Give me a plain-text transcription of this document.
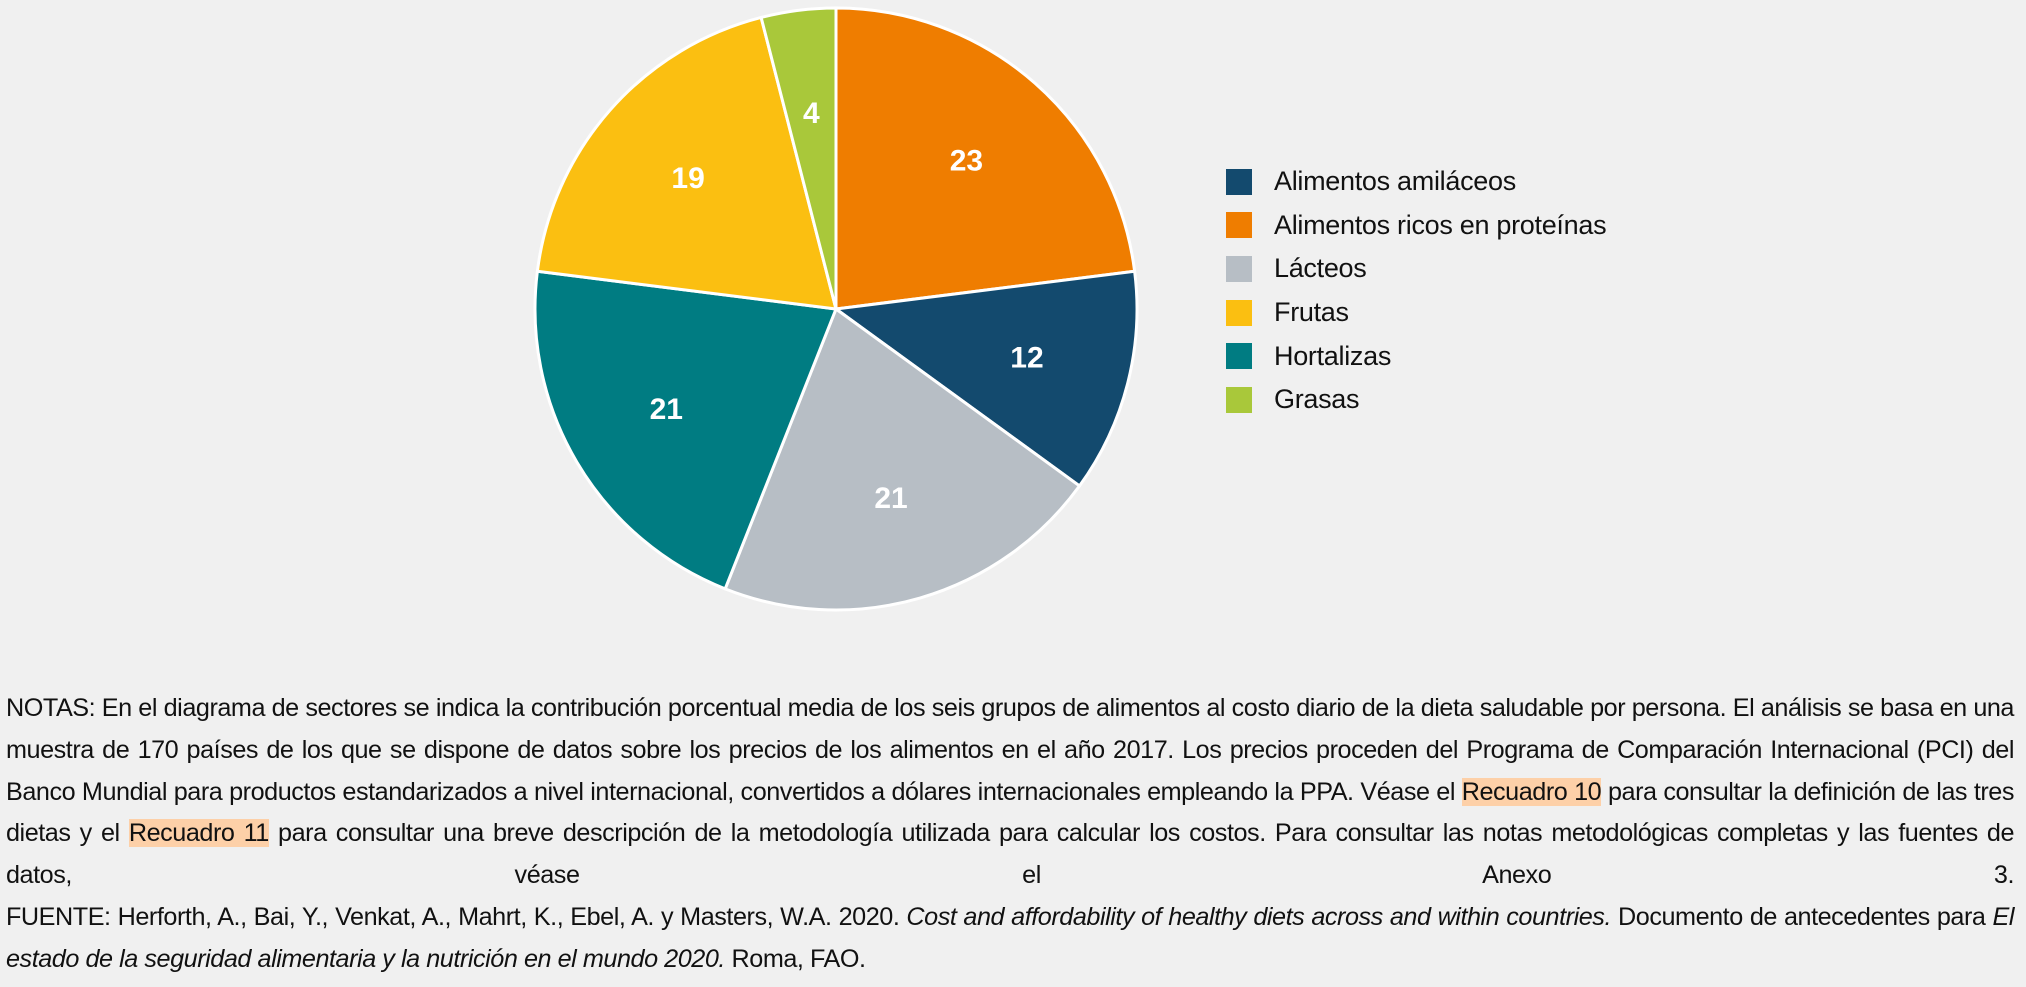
23
12
21
21
19
4
Alimentos amiláceos
Alimentos ricos en proteínas
Lácteos
Frutas
Hortalizas
Grasas

NOTAS: En el diagrama de sectores se indica la contribución porcentual media de los seis grupos de alimentos al costo diario de la dieta saludable por persona. El análisis se basa en una muestra de 170 países de los que se dispone de datos sobre los precios de los alimentos en el año 2017. Los precios proceden del Programa de Comparación Internacional (PCI) del Banco Mundial para productos estandarizados a nivel internacional, convertidos a dólares internacionales empleando la PPA. Véase el Recuadro 10 para consultar la definición de las tres dietas y el Recuadro 11 para consultar una breve descripción de la metodología utilizada para calcular los costos. Para consultar las notas metodológicas completas y las fuentes de datos, véase el Anexo 3.

FUENTE: Herforth, A., Bai, Y., Venkat, A., Mahrt, K., Ebel, A. y Masters, W.A. 2020. Cost and affordability of healthy diets across and within countries. Documento de antecedentes para El estado de la seguridad alimentaria y la nutrición en el mundo 2020. Roma, FAO.
